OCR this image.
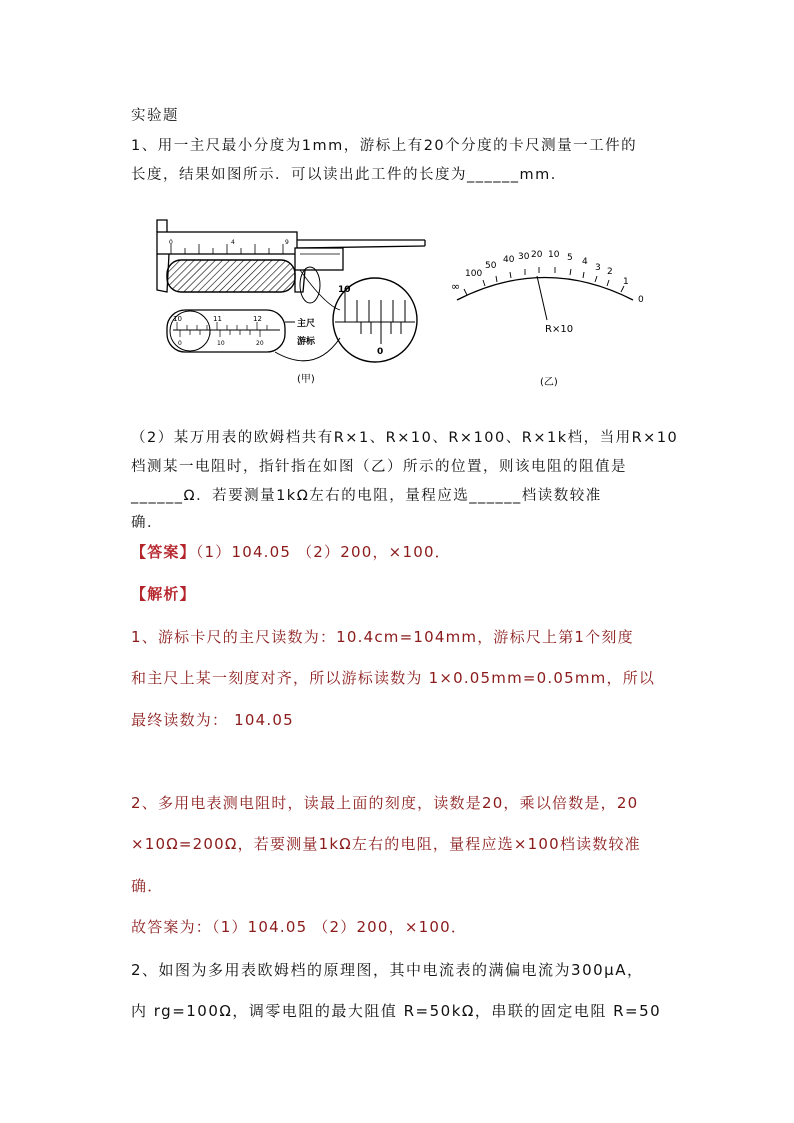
实验题
1、用一主尺最小分度为1mm，游标上有20个分度的卡尺测量一工件的
长度，结果如图所示．可以读出此工件的长度为______mm．
0	4	9
10	11	12
0	10	20
主尺
游标
10
0
(甲)
∞
100
50
40 30 20 10 5 4
3 2
1
0
R×10
(乙)
（2）某万用表的欧姆档共有R×1、R×10、R×100、R×1k档，当用R×10
档测某一电阻时，指针指在如图（乙）所示的位置，则该电阻的阻值是
______Ω．若要测量1kΩ左右的电阻，量程应选______档读数较准
确．
【答案】（1）104.05 （2）200，×100．
【解析】
1、游标卡尺的主尺读数为：10.4cm=104mm，游标尺上第1个刻度
和主尺上某一刻度对齐，所以游标读数为 1×0.05mm=0.05mm，所以
最终读数为： 104.05
2、多用电表测电阻时，读最上面的刻度，读数是20，乘以倍数是，20
×10Ω=200Ω，若要测量1kΩ左右的电阻，量程应选×100档读数较准
确．
故答案为：（1）104.05 （2）200，×100．
2、如图为多用表欧姆档的原理图，其中电流表的满偏电流为300μA，
内 rg=100Ω，调零电阻的最大阻值 R=50kΩ，串联的固定电阻 R=50
